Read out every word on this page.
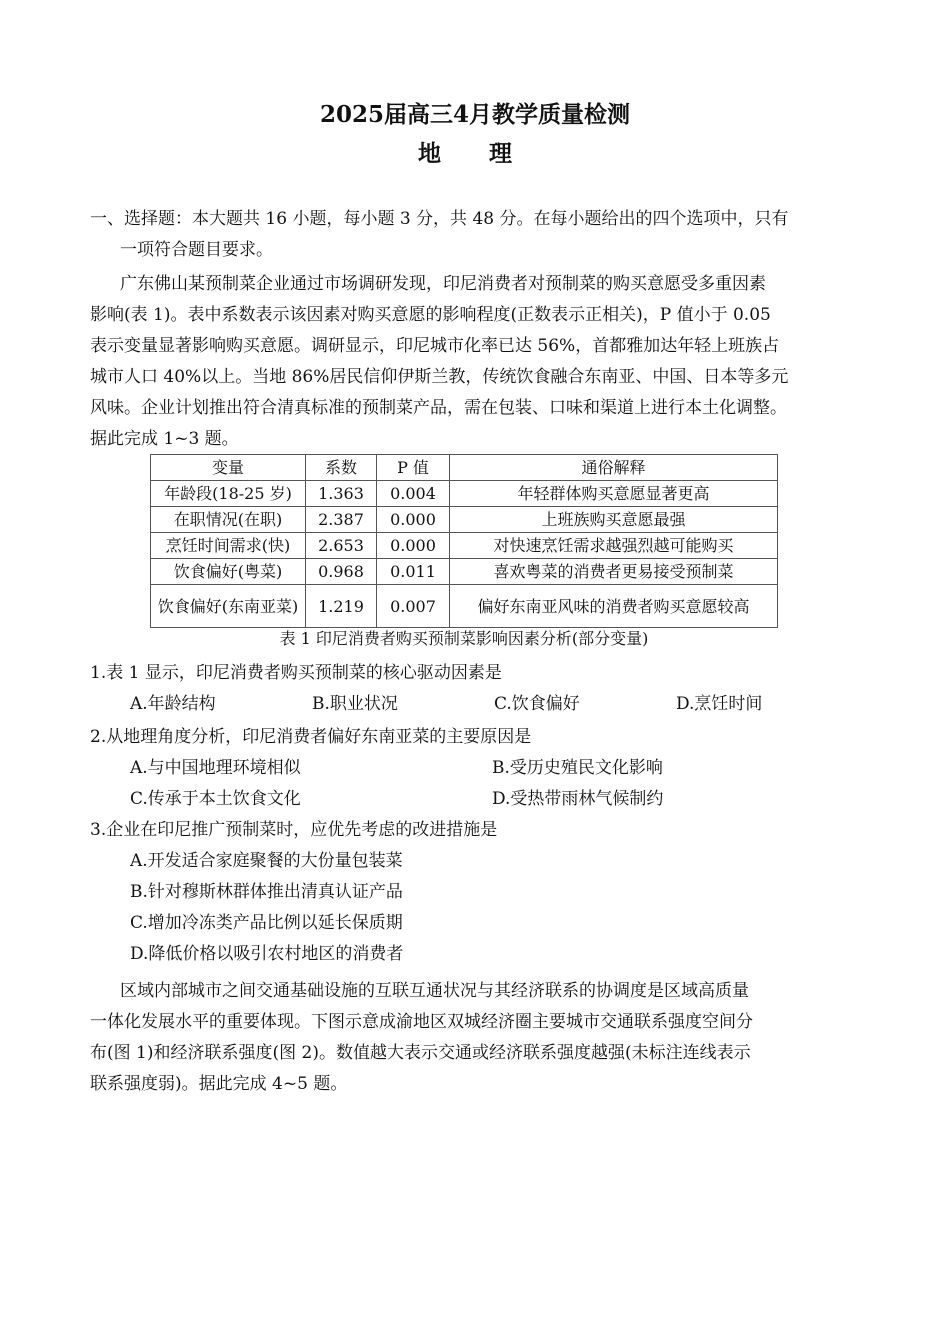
2025届高三4月教学质量检测
地 理
一、选择题：本大题共 16 小题，每小题 3 分，共 48 分。在每小题给出的四个选项中，只有
一项符合题目要求。
广东佛山某预制菜企业通过市场调研发现，印尼消费者对预制菜的购买意愿受多重因素
影响(表 1)。表中系数表示该因素对购买意愿的影响程度(正数表示正相关)，P 值小于 0.05
表示变量显著影响购买意愿。调研显示，印尼城市化率已达 56%，首都雅加达年轻上班族占
城市人口 40%以上。当地 86%居民信仰伊斯兰教，传统饮食融合东南亚、中国、日本等多元
风味。企业计划推出符合清真标准的预制菜产品，需在包装、口味和渠道上进行本土化调整。
据此完成 1~3 题。
变量	系数	P 值	通俗解释
年龄段(18-25 岁)	1.363	0.004	年轻群体购买意愿显著更高
在职情况(在职)	2.387	0.000	上班族购买意愿最强
烹饪时间需求(快)	2.653	0.000	对快速烹饪需求越强烈越可能购买
饮食偏好(粤菜)	0.968	0.011	喜欢粤菜的消费者更易接受预制菜
饮食偏好(东南亚菜)	1.219	0.007	偏好东南亚风味的消费者购买意愿较高
表 1 印尼消费者购买预制菜影响因素分析(部分变量)
1.表 1 显示，印尼消费者购买预制菜的核心驱动因素是
A.年龄结构	B.职业状况	C.饮食偏好	D.烹饪时间
2.从地理角度分析，印尼消费者偏好东南亚菜的主要原因是
A.与中国地理环境相似	B.受历史殖民文化影响
C.传承于本土饮食文化	D.受热带雨林气候制约
3.企业在印尼推广预制菜时，应优先考虑的改进措施是
A.开发适合家庭聚餐的大份量包装菜
B.针对穆斯林群体推出清真认证产品
C.增加冷冻类产品比例以延长保质期
D.降低价格以吸引农村地区的消费者
区域内部城市之间交通基础设施的互联互通状况与其经济联系的协调度是区域高质量
一体化发展水平的重要体现。下图示意成渝地区双城经济圈主要城市交通联系强度空间分
布(图 1)和经济联系强度(图 2)。数值越大表示交通或经济联系强度越强(未标注连线表示
联系强度弱)。据此完成 4~5 题。
